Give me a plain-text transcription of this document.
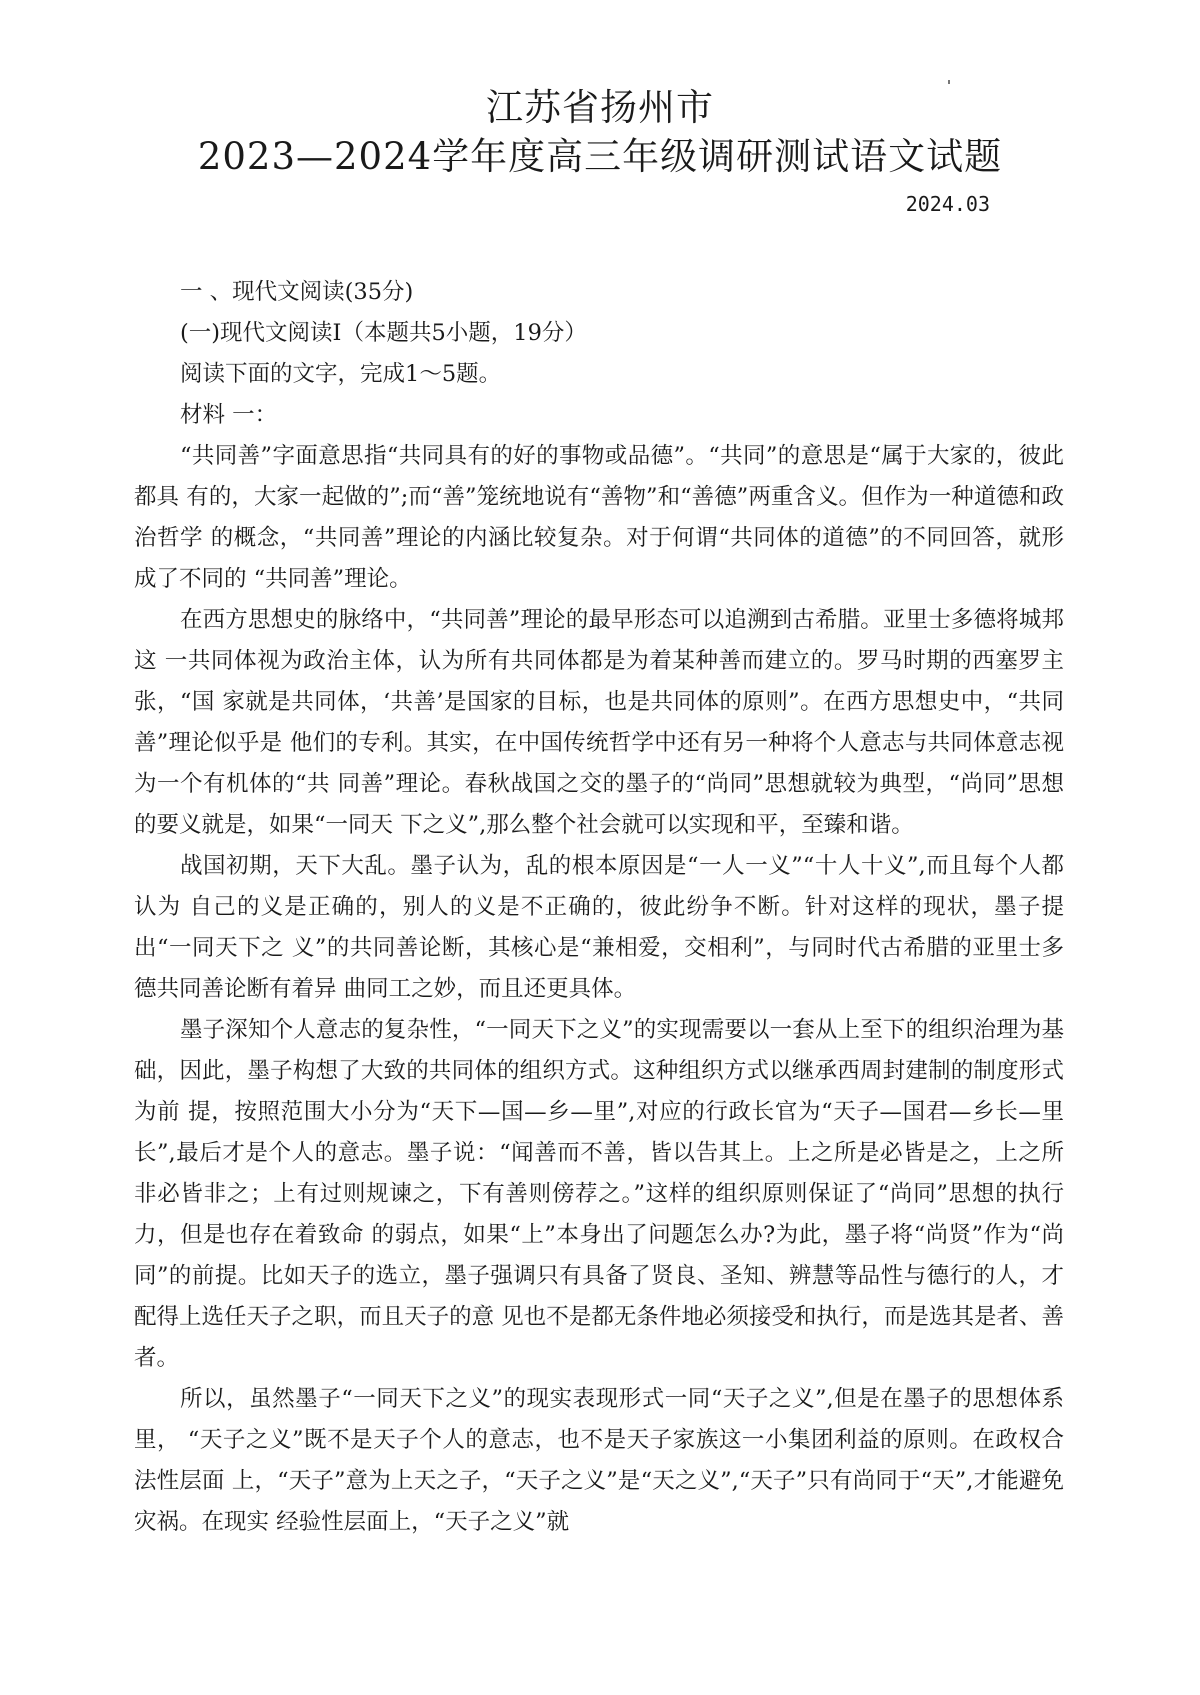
江苏省扬州市
2023—2024学年度高三年级调研测试语文试题
2024.03

一 、现代文阅读(35分)

(一)现代文阅读I（本题共5小题，19分）

阅读下面的文字，完成1～5题。

材料 一：

“共同善”字面意思指“共同具有的好的事物或品德”。“共同”的意思是“属于大家的，彼此都具 有的，大家一起做的”;而“善”笼统地说有“善物”和“善德”两重含义。但作为一种道德和政治哲学 的概念，“共同善”理论的内涵比较复杂。对于何谓“共同体的道德”的不同回答，就形成了不同的 “共同善”理论。

在西方思想史的脉络中，“共同善”理论的最早形态可以追溯到古希腊。亚里士多德将城邦这 一共同体视为政治主体，认为所有共同体都是为着某种善而建立的。罗马时期的西塞罗主张，“国 家就是共同体，‘共善’是国家的目标，也是共同体的原则”。在西方思想史中，“共同善”理论似乎是 他们的专利。其实，在中国传统哲学中还有另一种将个人意志与共同体意志视为一个有机体的“共 同善”理论。春秋战国之交的墨子的“尚同”思想就较为典型，“尚同”思想的要义就是，如果“一同天 下之义”,那么整个社会就可以实现和平，至臻和谐。

战国初期，天下大乱。墨子认为，乱的根本原因是“一人一义”“十人十义”,而且每个人都认为 自己的义是正确的，别人的义是不正确的，彼此纷争不断。针对这样的现状，墨子提出“一同天下之 义”的共同善论断，其核心是“兼相爱，交相利”，与同时代古希腊的亚里士多德共同善论断有着异 曲同工之妙，而且还更具体。

墨子深知个人意志的复杂性，“一同天下之义”的实现需要以一套从上至下的组织治理为基 础，因此，墨子构想了大致的共同体的组织方式。这种组织方式以继承西周封建制的制度形式为前 提，按照范围大小分为“天下—国—乡—里”,对应的行政长官为“天子—国君—乡长—里长”,最后才是个人的意志。墨子说：“闻善而不善，皆以告其上。上之所是必皆是之，上之所非必皆非之；上有过则规谏之，下有善则傍荐之。”这样的组织原则保证了“尚同”思想的执行力，但是也存在着致命 的弱点，如果“上”本身出了问题怎么办?为此，墨子将“尚贤”作为“尚同”的前提。比如天子的选立，墨子强调只有具备了贤良、圣知、辨慧等品性与德行的人，才配得上选任天子之职，而且天子的意 见也不是都无条件地必须接受和执行，而是选其是者、善者。

所以，虽然墨子“一同天下之义”的现实表现形式一同“天子之义”,但是在墨子的思想体系里， “天子之义”既不是天子个人的意志，也不是天子家族这一小集团利益的原则。在政权合法性层面 上，“天子”意为上天之子，“天子之义”是“天之义”,“天子”只有尚同于“天”,才能避免灾祸。在现实 经验性层面上，“天子之义”就
